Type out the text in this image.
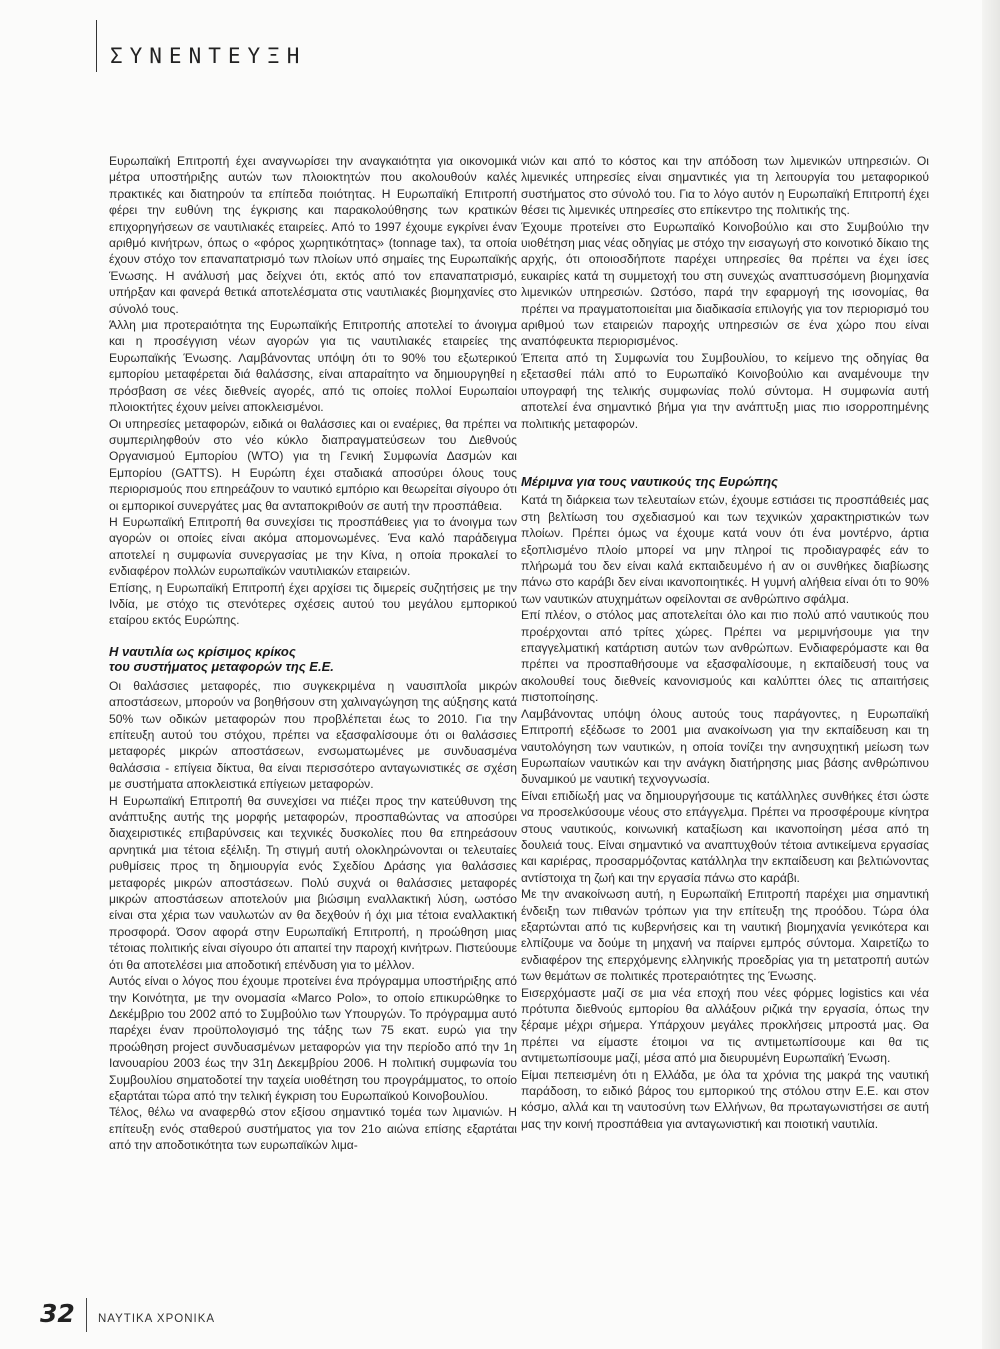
ΣΥΝΕΝΤΕΥΞΗ

Ευρωπαϊκή Επιτροπή έχει αναγνωρίσει την αναγκαιότητα για οικονομικά μέτρα υποστήριξης αυτών των πλοιοκτητών που ακολουθούν καλές πρακτικές και διατηρούν τα επίπεδα ποιότητας. Η Ευρωπαϊκή Επιτροπή φέρει την ευθύνη της έγκρισης και παρακολούθησης των κρατικών επιχορηγήσεων σε ναυτιλιακές εταιρείες. Από το 1997 έχουμε εγκρίνει έναν αριθμό κινήτρων, όπως ο «φόρος χωρητικότητας» (tonnage tax), τα οποία έχουν στόχο τον επαναπατρισμό των πλοίων υπό σημαίες της Ευρωπαϊκής Ένωσης. Η ανάλυσή μας δείχνει ότι, εκτός από τον επαναπατρισμό, υπήρξαν και φανερά θετικά αποτελέσματα στις ναυτιλιακές βιομηχανίες στο σύνολό τους.

Άλλη μια προτεραιότητα της Ευρωπαϊκής Επιτροπής αποτελεί το άνοιγμα και η προσέγγιση νέων αγορών για τις ναυτιλιακές εταιρείες της Ευρωπαϊκής Ένωσης. Λαμβάνοντας υπόψη ότι το 90% του εξωτερικού εμπορίου μεταφέρεται διά θαλάσσης, είναι απαραίτητο να δημιουργηθεί η πρόσβαση σε νέες διεθνείς αγορές, από τις οποίες πολλοί Ευρωπαίοι πλοιοκτήτες έχουν μείνει αποκλεισμένοι.

Οι υπηρεσίες μεταφορών, ειδικά οι θαλάσσιες και οι εναέριες, θα πρέπει να συμπεριληφθούν στο νέο κύκλο διαπραγματεύσεων του Διεθνούς Οργανισμού Εμπορίου (WTO) για τη Γενική Συμφωνία Δασμών και Εμπορίου (GATTS). Η Ευρώπη έχει σταδιακά αποσύρει όλους τους περιορισμούς που επηρεάζουν το ναυτικό εμπόριο και θεωρείται σίγουρο ότι οι εμπορικοί συνεργάτες μας θα ανταποκριθούν σε αυτή την προσπάθεια.

Η Ευρωπαϊκή Επιτροπή θα συνεχίσει τις προσπάθειες για το άνοιγμα των αγορών οι οποίες είναι ακόμα απομονωμένες. Ένα καλό παράδειγμα αποτελεί η συμφωνία συνεργασίας με την Κίνα, η οποία προκαλεί το ενδιαφέρον πολλών ευρωπαϊκών ναυτιλιακών εταιρειών.

Επίσης, η Ευρωπαϊκή Επιτροπή έχει αρχίσει τις διμερείς συζητήσεις με την Ινδία, με στόχο τις στενότερες σχέσεις αυτού του μεγάλου εμπορικού εταίρου εκτός Ευρώπης.

Η ναυτιλία ως κρίσιμος κρίκος
του συστήματος μεταφορών της Ε.Ε.

Οι θαλάσσιες μεταφορές, πιο συγκεκριμένα η ναυσιπλοΐα μικρών αποστάσεων, μπορούν να βοηθήσουν στη χαλιναγώγηση της αύξησης κατά 50% των οδικών μεταφορών που προβλέπεται έως το 2010. Για την επίτευξη αυτού του στόχου, πρέπει να εξασφαλίσουμε ότι οι θαλάσσιες μεταφορές μικρών αποστάσεων, ενσωματωμένες με συνδυασμένα θαλάσσια - επίγεια δίκτυα, θα είναι περισσότερο ανταγωνιστικές σε σχέση με συστήματα αποκλειστικά επίγειων μεταφορών.

Η Ευρωπαϊκή Επιτροπή θα συνεχίσει να πιέζει προς την κατεύθυνση της ανάπτυξης αυτής της μορφής μεταφορών, προσπαθώντας να αποσύρει διαχειριστικές επιβαρύνσεις και τεχνικές δυσκολίες που θα επηρεάσουν αρνητικά μια τέτοια εξέλιξη. Τη στιγμή αυτή ολοκληρώνονται οι τελευταίες ρυθμίσεις προς τη δημιουργία ενός Σχεδίου Δράσης για θαλάσσιες μεταφορές μικρών αποστάσεων. Πολύ συχνά οι θαλάσσιες μεταφορές μικρών αποστάσεων αποτελούν μια βιώσιμη εναλλακτική λύση, ωστόσο είναι στα χέρια των ναυλωτών αν θα δεχθούν ή όχι μια τέτοια εναλλακτική προσφορά. Όσον αφορά στην Ευρωπαϊκή Επιτροπή, η προώθηση μιας τέτοιας πολιτικής είναι σίγουρο ότι απαιτεί την παροχή κινήτρων. Πιστεύουμε ότι θα αποτελέσει μια αποδοτική επένδυση για το μέλλον.

Αυτός είναι ο λόγος που έχουμε προτείνει ένα πρόγραμμα υποστήριξης από την Κοινότητα, με την ονομασία «Marco Polo», το οποίο επικυρώθηκε το Δεκέμβριο του 2002 από το Συμβούλιο των Υπουργών. Το πρόγραμμα αυτό παρέχει έναν προϋπολογισμό της τάξης των 75 εκατ. ευρώ για την προώθηση project συνδυασμένων μεταφορών για την περίοδο από την 1η Ιανουαρίου 2003 έως την 31η Δεκεμβρίου 2006. Η πολιτική συμφωνία του Συμβουλίου σηματοδοτεί την ταχεία υιοθέτηση του προγράμματος, το οποίο εξαρτάται τώρα από την τελική έγκριση του Ευρωπαϊκού Κοινοβουλίου.

Τέλος, θέλω να αναφερθώ στον εξίσου σημαντικό τομέα των λιμανιών. Η επίτευξη ενός σταθερού συστήματος για τον 21ο αιώνα επίσης εξαρτάται από την αποδοτικότητα των ευρωπαϊκών λιμα-

νιών και από το κόστος και την απόδοση των λιμενικών υπηρεσιών. Οι λιμενικές υπηρεσίες είναι σημαντικές για τη λειτουργία του μεταφορικού συστήματος στο σύνολό του. Για το λόγο αυτόν η Ευρωπαϊκή Επιτροπή έχει θέσει τις λιμενικές υπηρεσίες στο επίκεντρο της πολιτικής της.

Έχουμε προτείνει στο Ευρωπαϊκό Κοινοβούλιο και στο Συμβούλιο την υιοθέτηση μιας νέας οδηγίας με στόχο την εισαγωγή στο κοινοτικό δίκαιο της αρχής, ότι οποιοσδήποτε παρέχει υπηρεσίες θα πρέπει να έχει ίσες ευκαιρίες κατά τη συμμετοχή του στη συνεχώς αναπτυσσόμενη βιομηχανία λιμενικών υπηρεσιών. Ωστόσο, παρά την εφαρμογή της ισονομίας, θα πρέπει να πραγματοποιείται μια διαδικασία επιλογής για τον περιορισμό του αριθμού των εταιρειών παροχής υπηρεσιών σε ένα χώρο που είναι αναπόφευκτα περιορισμένος.

Έπειτα από τη Συμφωνία του Συμβουλίου, το κείμενο της οδηγίας θα εξετασθεί πάλι από το Ευρωπαϊκό Κοινοβούλιο και αναμένουμε την υπογραφή της τελικής συμφωνίας πολύ σύντομα. Η συμφωνία αυτή αποτελεί ένα σημαντικό βήμα για την ανάπτυξη μιας πιο ισορροπημένης πολιτικής μεταφορών.

Μέριμνα για τους ναυτικούς της Ευρώπης

Κατά τη διάρκεια των τελευταίων ετών, έχουμε εστιάσει τις προσπάθειές μας στη βελτίωση του σχεδιασμού και των τεχνικών χαρακτηριστικών των πλοίων. Πρέπει όμως να έχουμε κατά νουν ότι ένα μοντέρνο, άρτια εξοπλισμένο πλοίο μπορεί να μην πληροί τις προδιαγραφές εάν το πλήρωμά του δεν είναι καλά εκπαιδευμένο ή αν οι συνθήκες διαβίωσης πάνω στο καράβι δεν είναι ικανοποιητικές. Η γυμνή αλήθεια είναι ότι το 90% των ναυτικών ατυχημάτων οφείλονται σε ανθρώπινο σφάλμα.

Επί πλέον, ο στόλος μας αποτελείται όλο και πιο πολύ από ναυτικούς που προέρχονται από τρίτες χώρες. Πρέπει να μεριμνήσουμε για την επαγγελματική κατάρτιση αυτών των ανθρώπων. Ενδιαφερόμαστε και θα πρέπει να προσπαθήσουμε να εξασφαλίσουμε, η εκπαίδευσή τους να ακολουθεί τους διεθνείς κανονισμούς και καλύπτει όλες τις απαιτήσεις πιστοποίησης.

Λαμβάνοντας υπόψη όλους αυτούς τους παράγοντες, η Ευρωπαϊκή Επιτροπή εξέδωσε το 2001 μια ανακοίνωση για την εκπαίδευση και τη ναυτολόγηση των ναυτικών, η οποία τονίζει την ανησυχητική μείωση των Ευρωπαίων ναυτικών και την ανάγκη διατήρησης μιας βάσης ανθρώπινου δυναμικού με ναυτική τεχνογνωσία.

Είναι επιδίωξή μας να δημιουργήσουμε τις κατάλληλες συνθήκες έτσι ώστε να προσελκύσουμε νέους στο επάγγελμα. Πρέπει να προσφέρουμε κίνητρα στους ναυτικούς, κοινωνική καταξίωση και ικανοποίηση μέσα από τη δουλειά τους. Είναι σημαντικό να αναπτυχθούν τέτοια αντικείμενα εργασίας και καριέρας, προσαρμόζοντας κατάλληλα την εκπαίδευση και βελτιώνοντας αντίστοιχα τη ζωή και την εργασία πάνω στο καράβι.

Με την ανακοίνωση αυτή, η Ευρωπαϊκή Επιτροπή παρέχει μια σημαντική ένδειξη των πιθανών τρόπων για την επίτευξη της προόδου. Τώρα όλα εξαρτώνται από τις κυβερνήσεις και τη ναυτική βιομηχανία γενικότερα και ελπίζουμε να δούμε τη μηχανή να παίρνει εμπρός σύντομα. Χαιρετίζω το ενδιαφέρον της επερχόμενης ελληνικής προεδρίας για τη μετατροπή αυτών των θεμάτων σε πολιτικές προτεραιότητες της Ένωσης.

Εισερχόμαστε μαζί σε μια νέα εποχή που νέες φόρμες logistics και νέα πρότυπα διεθνούς εμπορίου θα αλλάξουν ριζικά την εργασία, όπως την ξέραμε μέχρι σήμερα. Υπάρχουν μεγάλες προκλήσεις μπροστά μας. Θα πρέπει να είμαστε έτοιμοι να τις αντιμετωπίσουμε και θα τις αντιμετωπίσουμε μαζί, μέσα από μια διευρυμένη Ευρωπαϊκή Ένωση.

Είμαι πεπεισμένη ότι η Ελλάδα, με όλα τα χρόνια της μακρά της ναυτική παράδοση, το ειδικό βάρος του εμπορικού της στόλου στην Ε.Ε. και στον κόσμο, αλλά και τη ναυτοσύνη των Ελλήνων, θα πρωταγωνιστήσει σε αυτή μας την κοινή προσπάθεια για ανταγωνιστική και ποιοτική ναυτιλία.

32 ΝΑΥΤΙΚΑ ΧΡΟΝΙΚΑ
